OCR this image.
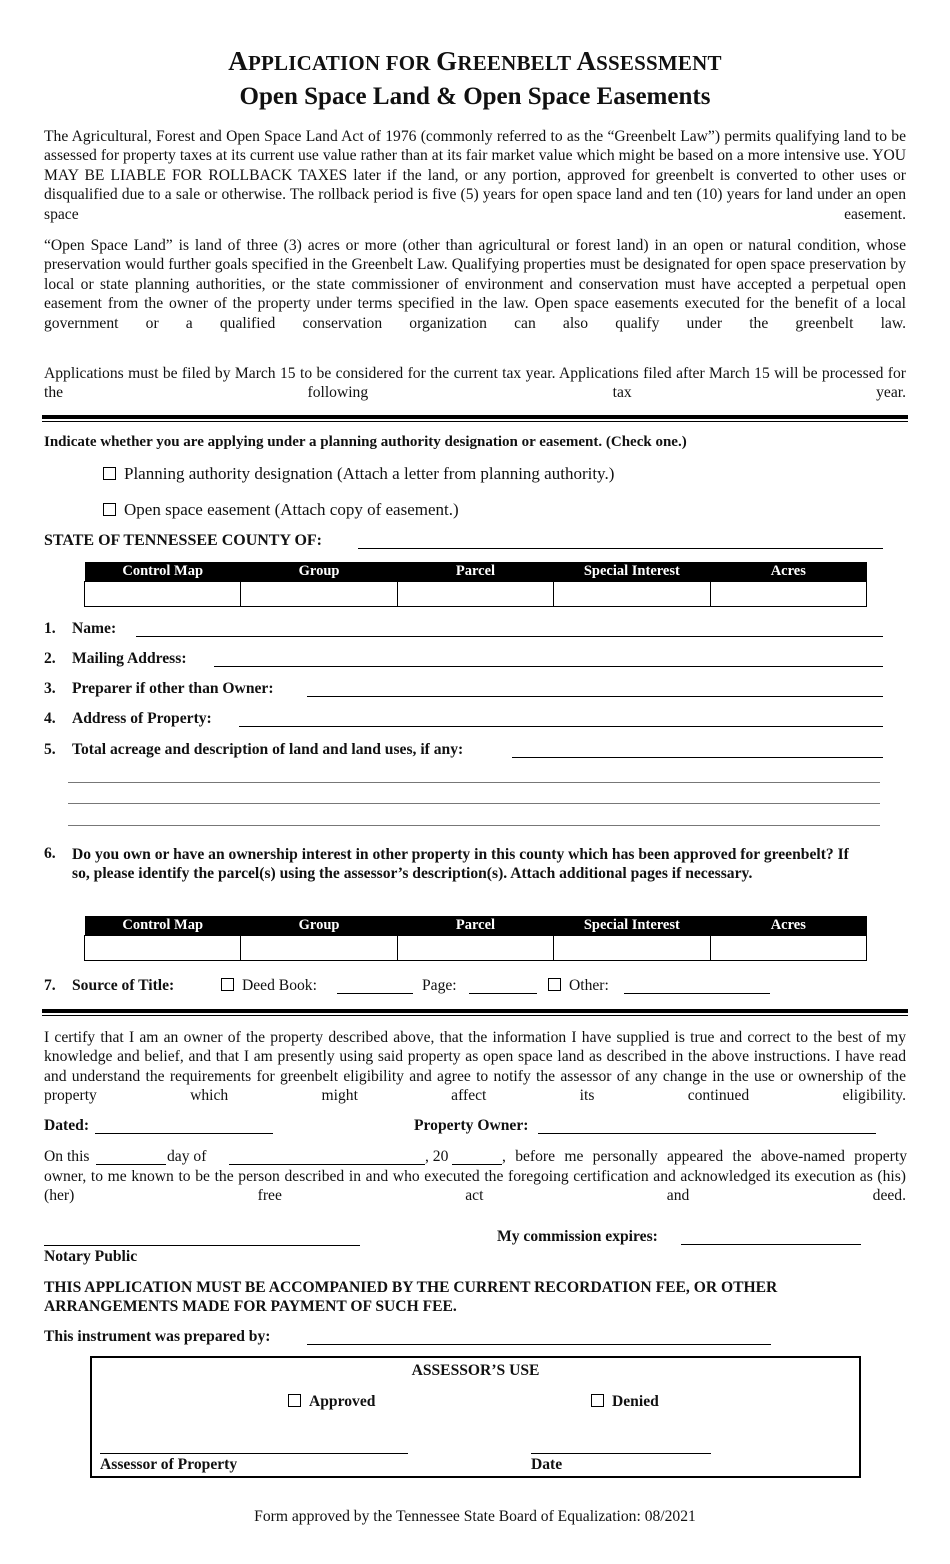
APPLICATION FOR GREENBELT ASSESSMENT
Open Space Land & Open Space Easements
The Agricultural, Forest and Open Space Land Act of 1976 (commonly referred to as the “Greenbelt Law”) permits qualifying land to be assessed for property taxes at its current use value rather than at its fair market value which might be based on a more intensive use. YOU MAY BE LIABLE FOR ROLLBACK TAXES later if the land, or any portion, approved for greenbelt is converted to other uses or disqualified due to a sale or otherwise. The rollback period is five (5) years for open space land and ten (10) years for land under an open space easement.
“Open Space Land” is land of three (3) acres or more (other than agricultural or forest land) in an open or natural condition, whose preservation would further goals specified in the Greenbelt Law. Qualifying properties must be designated for open space preservation by local or state planning authorities, or the state commissioner of environment and conservation must have accepted a perpetual open easement from the owner of the property under terms specified in the law. Open space easements executed for the benefit of a local government or a qualified conservation organization can also qualify under the greenbelt law.
Applications must be filed by March 15 to be considered for the current tax year. Applications filed after March 15 will be processed for the following tax year.
Indicate whether you are applying under a planning authority designation or easement. (Check one.)
Planning authority designation (Attach a letter from planning authority.)
Open space easement (Attach copy of easement.)
STATE OF TENNESSEE COUNTY OF:
Control Map	Group	Parcel	Special Interest	Acres

1. Name:
2. Mailing Address:
3. Preparer if other than Owner:
4. Address of Property:
5. Total acreage and description of land and land uses, if any:
6. Do you own or have an ownership interest in other property in this county which has been approved for greenbelt? If so, please identify the parcel(s) using the assessor’s description(s). Attach additional pages if necessary.
Control Map	Group	Parcel	Special Interest	Acres

7. Source of Title:	Deed Book:	Page:	Other:
I certify that I am an owner of the property described above, that the information I have supplied is true and correct to the best of my knowledge and belief, and that I am presently using said property as open space land as described in the above instructions. I have read and understand the requirements for greenbelt eligibility and agree to notify the assessor of any change in the use or ownership of the property which might affect its continued eligibility.
Dated:	Property Owner:
On this	day of	, 20	, before me personally appeared the above-named property
owner, to me known to be the person described in and who executed the foregoing certification and acknowledged its execution as (his) (her) free act and deed.
My commission expires:
Notary Public
THIS APPLICATION MUST BE ACCOMPANIED BY THE CURRENT RECORDATION FEE, OR OTHER ARRANGEMENTS MADE FOR PAYMENT OF SUCH FEE.
This instrument was prepared by:
ASSESSOR’S USE
Approved	Denied
Assessor of Property	Date
Form approved by the Tennessee State Board of Equalization: 08/2021
